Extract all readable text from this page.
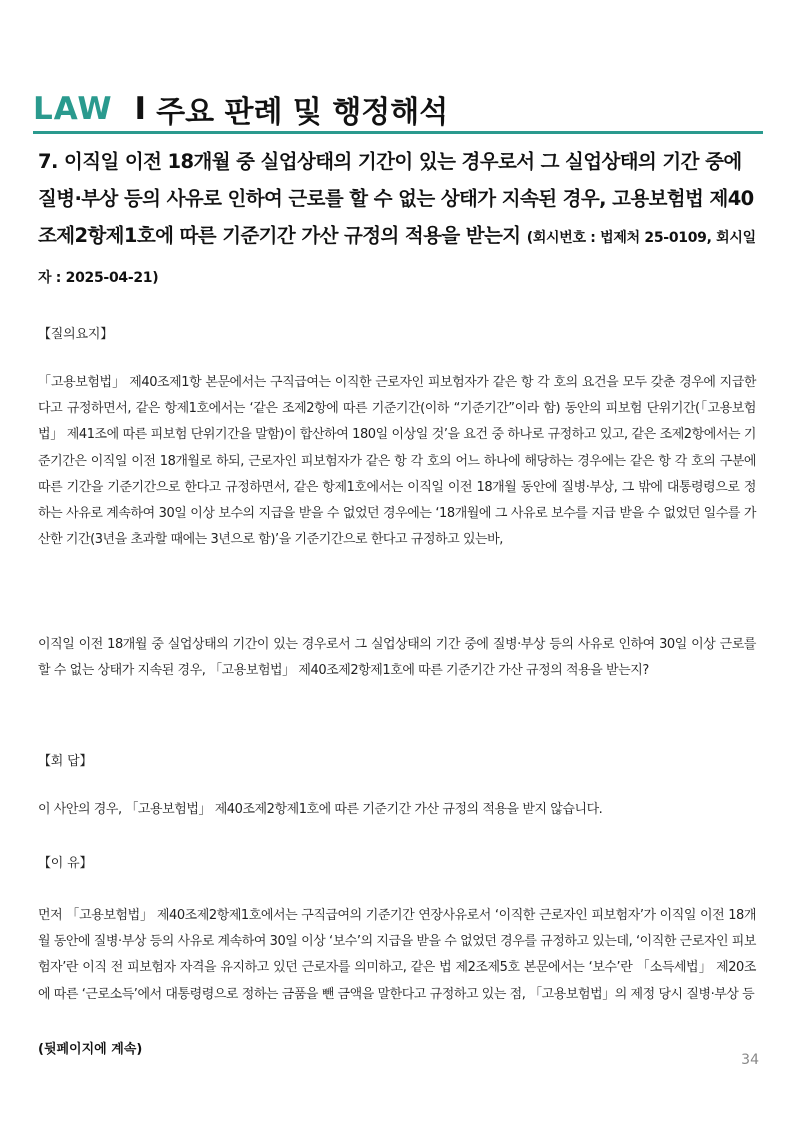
LAW I 주요 판례 및 행정해석
7. 이직일 이전 18개월 중 실업상태의 기간이 있는 경우로서 그 실업상태의 기간 중에 질병·부상 등의 사유로 인하여 근로를 할 수 없는 상태가 지속된 경우, 고용보험법 제40조제2항제1호에 따른 기준기간 가산 규정의 적용을 받는지 (회시번호 : 법제처 25-0109, 회시일자 : 2025-04-21)
【질의요지】
「고용보험법」 제40조제1항 본문에서는 구직급여는 이직한 근로자인 피보험자가 같은 항 각 호의 요건을 모두 갖춘 경우에 지급한다고 규정하면서, 같은 항제1호에서는 ‘같은 조제2항에 따른 기준기간(이하 “기준기간”이라 함) 동안의 피보험 단위기간(「고용보험법」 제41조에 따른 피보험 단위기간을 말함)이 합산하여 180일 이상일 것’을 요건 중 하나로 규정하고 있고, 같은 조제2항에서는 기준기간은 이직일 이전 18개월로 하되, 근로자인 피보험자가 같은 항 각 호의 어느 하나에 해당하는 경우에는 같은 항 각 호의 구분에 따른 기간을 기준기간으로 한다고 규정하면서, 같은 항제1호에서는 이직일 이전 18개월 동안에 질병·부상, 그 밖에 대통령령으로 정하는 사유로 계속하여 30일 이상 보수의 지급을 받을 수 없었던 경우에는 ‘18개월에 그 사유로 보수를 지급 받을 수 없었던 일수를 가산한 기간(3년을 초과할 때에는 3년으로 함)’을 기준기간으로 한다고 규정하고 있는바,
이직일 이전 18개월 중 실업상태의 기간이 있는 경우로서 그 실업상태의 기간 중에 질병·부상 등의 사유로 인하여 30일 이상 근로를 할 수 없는 상태가 지속된 경우, 「고용보험법」 제40조제2항제1호에 따른 기준기간 가산 규정의 적용을 받는지?
【회 답】
이 사안의 경우, 「고용보험법」 제40조제2항제1호에 따른 기준기간 가산 규정의 적용을 받지 않습니다.
【이 유】
먼저 「고용보험법」 제40조제2항제1호에서는 구직급여의 기준기간 연장사유로서 ‘이직한 근로자인 피보험자’가 이직일 이전 18개월 동안에 질병·부상 등의 사유로 계속하여 30일 이상 ‘보수’의 지급을 받을 수 없었던 경우를 규정하고 있는데, ‘이직한 근로자인 피보험자’란 이직 전 피보험자 자격을 유지하고 있던 근로자를 의미하고, 같은 법 제2조제5호 본문에서는 ‘보수’란 「소득세법」 제20조에 따른 ‘근로소득’에서 대통령령으로 정하는 금품을 뺀 금액을 말한다고 규정하고 있는 점, 「고용보험법」의 제정 당시 질병·부상 등
(뒷페이지에 계속)
34
